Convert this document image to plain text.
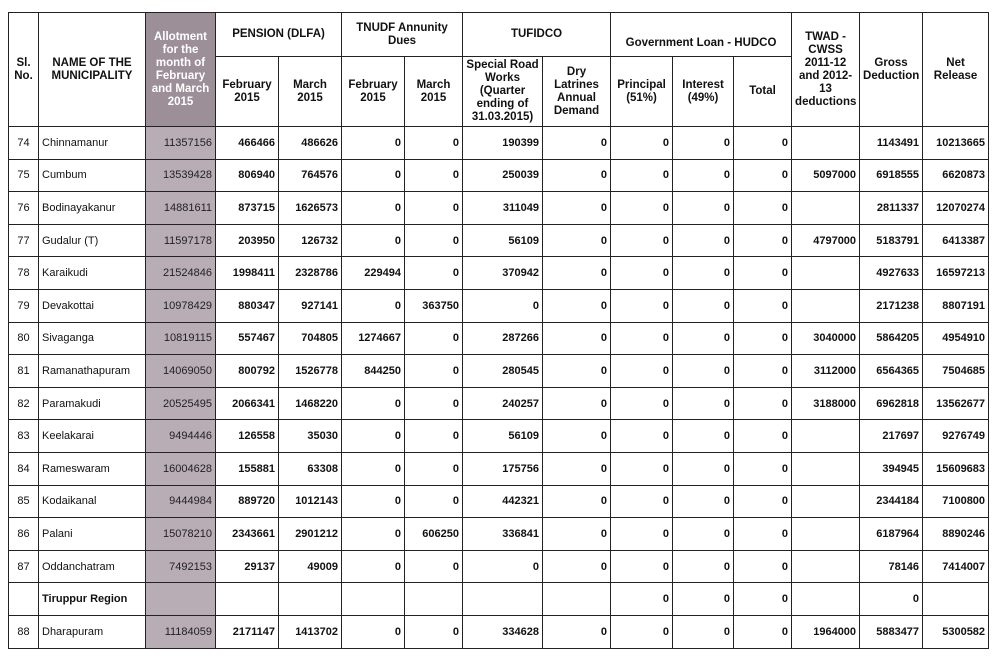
Sl. No.	NAME OF THE MUNICIPALITY	Allotment for the month of February and March 2015	PENSION (DLFA)		TNUDF Annunity Dues		TUFIDCO		Government Loan - HUDCO			TWAD - CWSS 2011-12 and 2012-13 deductions	Gross Deduction	Net Release
			February 2015	March 2015	February 2015	March 2015	Special Road Works (Quarter ending of 31.03.2015)	Dry Latrines Annual Demand	Principal (51%)	Interest (49%)	Total			
74	Chinnamanur	11357156	466466	486626	0	0	190399	0	0	0	0		1143491	10213665
75	Cumbum	13539428	806940	764576	0	0	250039	0	0	0	0	5097000	6918555	6620873
76	Bodinayakanur	14881611	873715	1626573	0	0	311049	0	0	0	0		2811337	12070274
77	Gudalur (T)	11597178	203950	126732	0	0	56109	0	0	0	0	4797000	5183791	6413387
78	Karaikudi	21524846	1998411	2328786	229494	0	370942	0	0	0	0		4927633	16597213
79	Devakottai	10978429	880347	927141	0	363750	0	0	0	0	0		2171238	8807191
80	Sivaganga	10819115	557467	704805	1274667	0	287266	0	0	0	0	3040000	5864205	4954910
81	Ramanathapuram	14069050	800792	1526778	844250	0	280545	0	0	0	0	3112000	6564365	7504685
82	Paramakudi	20525495	2066341	1468220	0	0	240257	0	0	0	0	3188000	6962818	13562677
83	Keelakarai	9494446	126558	35030	0	0	56109	0	0	0	0		217697	9276749
84	Rameswaram	16004628	155881	63308	0	0	175756	0	0	0	0		394945	15609683
85	Kodaikanal	9444984	889720	1012143	0	0	442321	0	0	0	0		2344184	7100800
86	Palani	15078210	2343661	2901212	0	606250	336841	0	0	0	0		6187964	8890246
87	Oddanchatram	7492153	29137	49009	0	0	0	0	0	0	0		78146	7414007
	Tiruppur Region								0	0	0		0	
88	Dharapuram	11184059	2171147	1413702	0	0	334628	0	0	0	0	1964000	5883477	5300582
